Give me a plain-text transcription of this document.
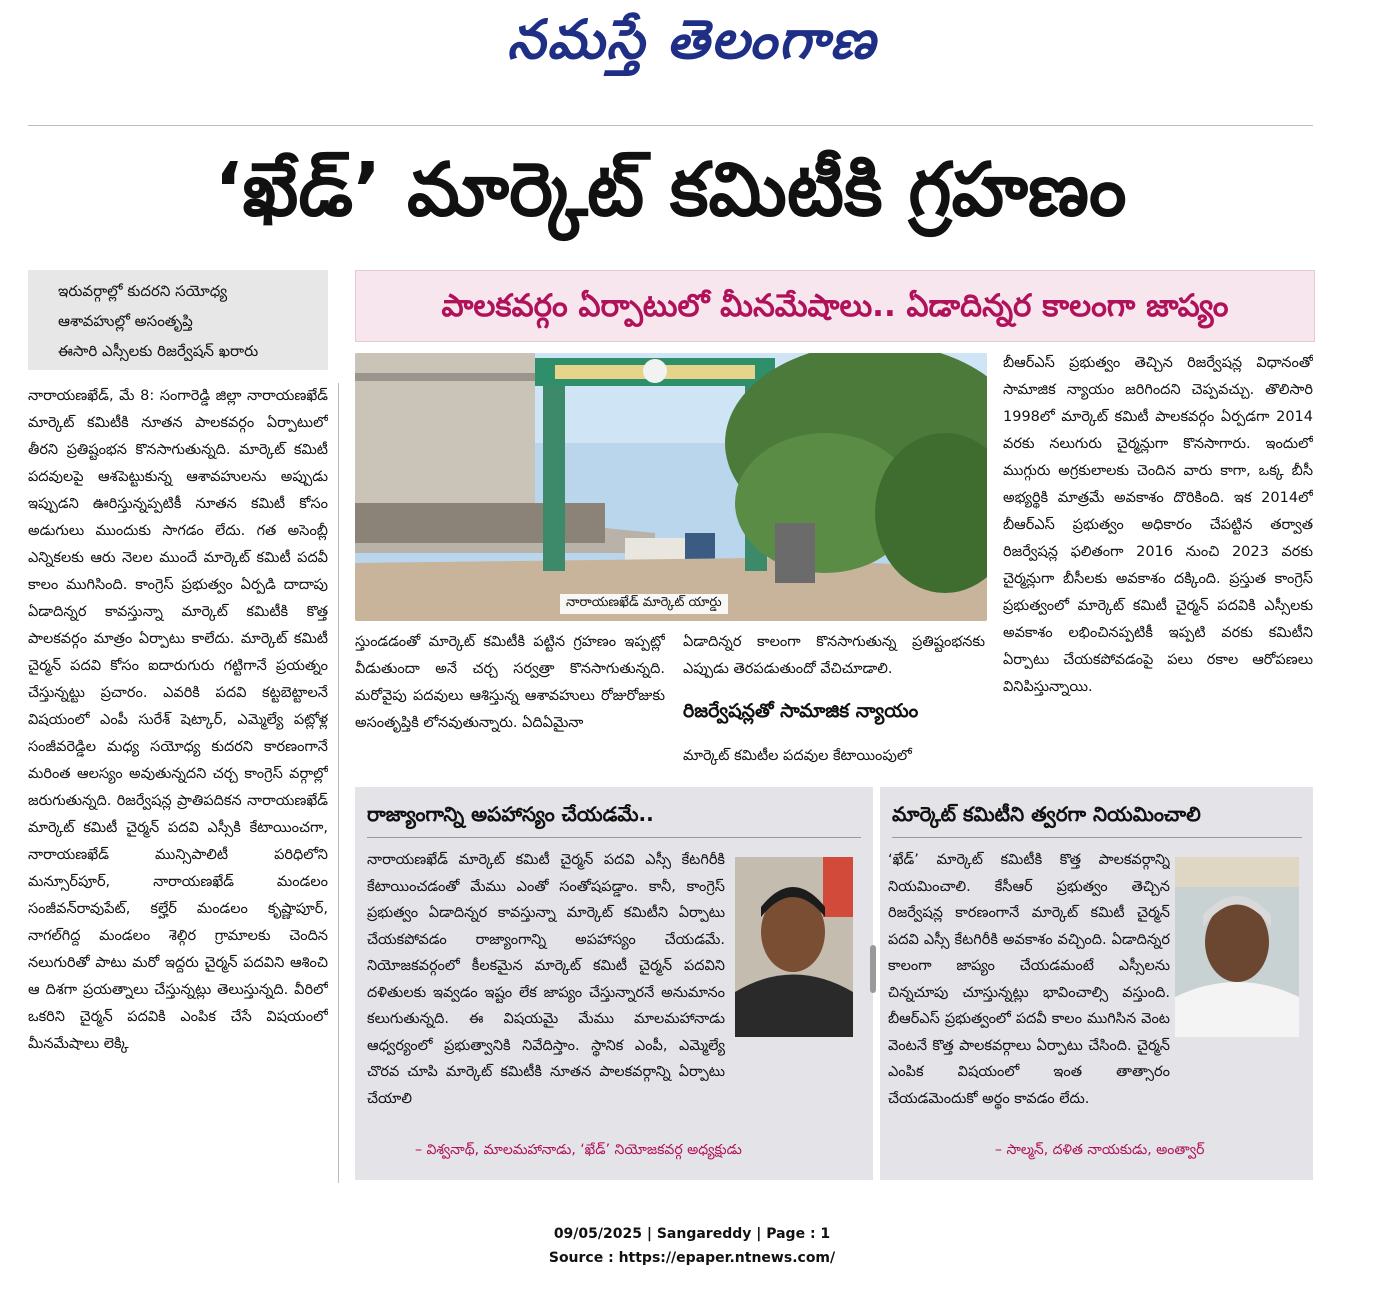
నమస్తే తెలంగాణ
‘ఖేడ్’ మార్కెట్ కమిటీకి గ్రహణం
● ఇరువర్గాల్లో కుదరని సయోధ్య
● ఆశావహుల్లో అసంతృప్తి
● ఈసారి ఎస్సీలకు రిజర్వేషన్ ఖరారు
పాలకవర్గం ఏర్పాటులో మీనమేషాలు.. ఏడాదిన్నర కాలంగా జాప్యం
నారాయణఖేడ్, మే 8: సంగారెడ్డి జిల్లా నారాయణఖేడ్ మార్కెట్ కమిటీకి నూతన పాలకవర్గం ఏర్పాటులో తీరని ప్రతిష్టంభన కొనసాగుతున్నది. మార్కెట్ కమిటీ పదవులపై ఆశపెట్టుకున్న ఆశావహులను అప్పుడు ఇప్పుడని ఊరిస్తున్నప్పటికీ నూతన కమిటీ కోసం అడుగులు ముందుకు సాగడం లేదు. గత అసెంబ్లీ ఎన్నికలకు ఆరు నెలల ముందే మార్కెట్ కమిటీ పదవీ కాలం ముగిసింది. కాంగ్రెస్ ప్రభుత్వం ఏర్పడి దాదాపు ఏడాదిన్నర కావస్తున్నా మార్కెట్ కమిటీకి కొత్త పాలకవర్గం మాత్రం ఏర్పాటు కాలేదు. మార్కెట్ కమిటీ చైర్మన్ పదవి కోసం ఐదారుగురు గట్టిగానే ప్రయత్నం చేస్తున్నట్టు ప్రచారం. ఎవరికి పదవి కట్టబెట్టాలనే విషయంలో ఎంపీ సురేశ్ షెట్కార్, ఎమ్మెల్యే పట్లోళ్ల సంజీవరెడ్డిల మధ్య సయోధ్య కుదరని కారణంగానే మరింత ఆలస్యం అవుతున్నదని చర్చ కాంగ్రెస్ వర్గాల్లో జరుగుతున్నది. రిజర్వేషన్ల ప్రాతిపదికన నారాయణఖేడ్ మార్కెట్ కమిటీ చైర్మన్ పదవి ఎస్సీకి కేటాయించగా, నారాయణఖేడ్ మున్సిపాలిటీ పరిధిలోని మన్సూర్‌పూర్, నారాయణఖేడ్ మండలం సంజీవన్‌రావుపేట్, కల్హేర్ మండలం కృష్ణాపూర్, నాగల్‌గిద్ద మండలం శెల్గిర గ్రామాలకు చెందిన నలుగురితో పాటు మరో ఇద్దరు చైర్మన్ పదవిని ఆశించి ఆ దిశగా ప్రయత్నాలు చేస్తున్నట్లు తెలుస్తున్నది. వీరిలో ఒకరిని చైర్మన్ పదవికి ఎంపిక చేసే విషయంలో మీనమేషాలు లెక్కి
నారాయణఖేడ్ మార్కెట్ యార్డు
స్తుండడంతో మార్కెట్ కమిటీకి పట్టిన గ్రహణం ఇప్పట్లో వీడుతుందా అనే చర్చ సర్వత్రా కొనసాగుతున్నది. మరోవైపు పదవులు ఆశిస్తున్న ఆశావహులు రోజురోజుకు అసంతృప్తికి లోనవుతున్నారు. ఏదిఏమైనా
ఏడాదిన్నర కాలంగా కొనసాగుతున్న ప్రతిష్టంభనకు ఎప్పుడు తెరపడుతుందో వేచిచూడాలి.
రిజర్వేషన్లతో సామాజిక న్యాయం
మార్కెట్ కమిటీల పదవుల కేటాయింపులో
బీఆర్ఎస్ ప్రభుత్వం తెచ్చిన రిజర్వేషన్ల విధానంతో సామాజిక న్యాయం జరిగిందని చెప్పవచ్చు. తొలిసారి 1998లో మార్కెట్ కమిటీ పాలకవర్గం ఏర్పడగా 2014 వరకు నలుగురు చైర్మన్లుగా కొనసాగారు. ఇందులో ముగ్గురు అగ్రకులాలకు చెందిన వారు కాగా, ఒక్క బీసీ అభ్యర్థికి మాత్రమే అవకాశం దొరికింది. ఇక 2014లో బీఆర్ఎస్ ప్రభుత్వం అధికారం చేపట్టిన తర్వాత రిజర్వేషన్ల ఫలితంగా 2016 నుంచి 2023 వరకు చైర్మన్లుగా బీసీలకు అవకాశం దక్కింది. ప్రస్తుత కాంగ్రెస్ ప్రభుత్వంలో మార్కెట్ కమిటీ చైర్మన్ పదవికి ఎస్సీలకు అవకాశం లభించినప్పటికీ ఇప్పటి వరకు కమిటీని ఏర్పాటు చేయకపోవడంపై పలు రకాల ఆరోపణలు వినిపిస్తున్నాయి.
రాజ్యాంగాన్ని అపహాస్యం చేయడమే..
నారాయణఖేడ్ మార్కెట్ కమిటీ చైర్మన్ పదవి ఎస్సీ కేటగిరీకి కేటాయించడంతో మేము ఎంతో సంతోషపడ్డాం. కానీ, కాంగ్రెస్ ప్రభుత్వం ఏడాదిన్నర కావస్తున్నా మార్కెట్ కమిటీని ఏర్పాటు చేయకపోవడం రాజ్యాంగాన్ని అపహాస్యం చేయడమే. నియోజకవర్గంలో కీలకమైన మార్కెట్ కమిటీ చైర్మన్ పదవిని దళితులకు ఇవ్వడం ఇష్టం లేక జాప్యం చేస్తున్నారనే అనుమానం కలుగుతున్నది. ఈ విషయమై మేము మాలమహానాడు ఆధ్వర్యంలో ప్రభుత్వానికి నివేదిస్తాం. స్థానిక ఎంపీ, ఎమ్మెల్యే చొరవ చూపి మార్కెట్ కమిటీకి నూతన పాలకవర్గాన్ని ఏర్పాటు చేయాలి
– విశ్వనాథ్, మాలమహానాడు, ‘ఖేడ్’ నియోజకవర్గ అధ్యక్షుడు
మార్కెట్ కమిటీని త్వరగా నియమించాలి
‘ఖేడ్’ మార్కెట్ కమిటీకి కొత్త పాలకవర్గాన్ని నియమించాలి. కేసీఆర్ ప్రభుత్వం తెచ్చిన రిజర్వేషన్ల కారణంగానే మార్కెట్ కమిటీ చైర్మన్ పదవి ఎస్సీ కేటగిరీకి అవకాశం వచ్చింది. ఏడాదిన్నర కాలంగా జాప్యం చేయడమంటే ఎస్సీలను చిన్నచూపు చూస్తున్నట్లు భావించాల్సి వస్తుంది. బీఆర్ఎస్ ప్రభుత్వంలో పదవీ కాలం ముగిసిన వెంట వెంటనే కొత్త పాలకవర్గాలు ఏర్పాటు చేసింది. చైర్మన్ ఎంపిక విషయంలో ఇంత తాత్సారం చేయడమెందుకో అర్థం కావడం లేదు.
– సాల్మన్, దళిత నాయకుడు, అంత్వార్
09/05/2025 | Sangareddy | Page : 1
Source : https://epaper.ntnews.com/
